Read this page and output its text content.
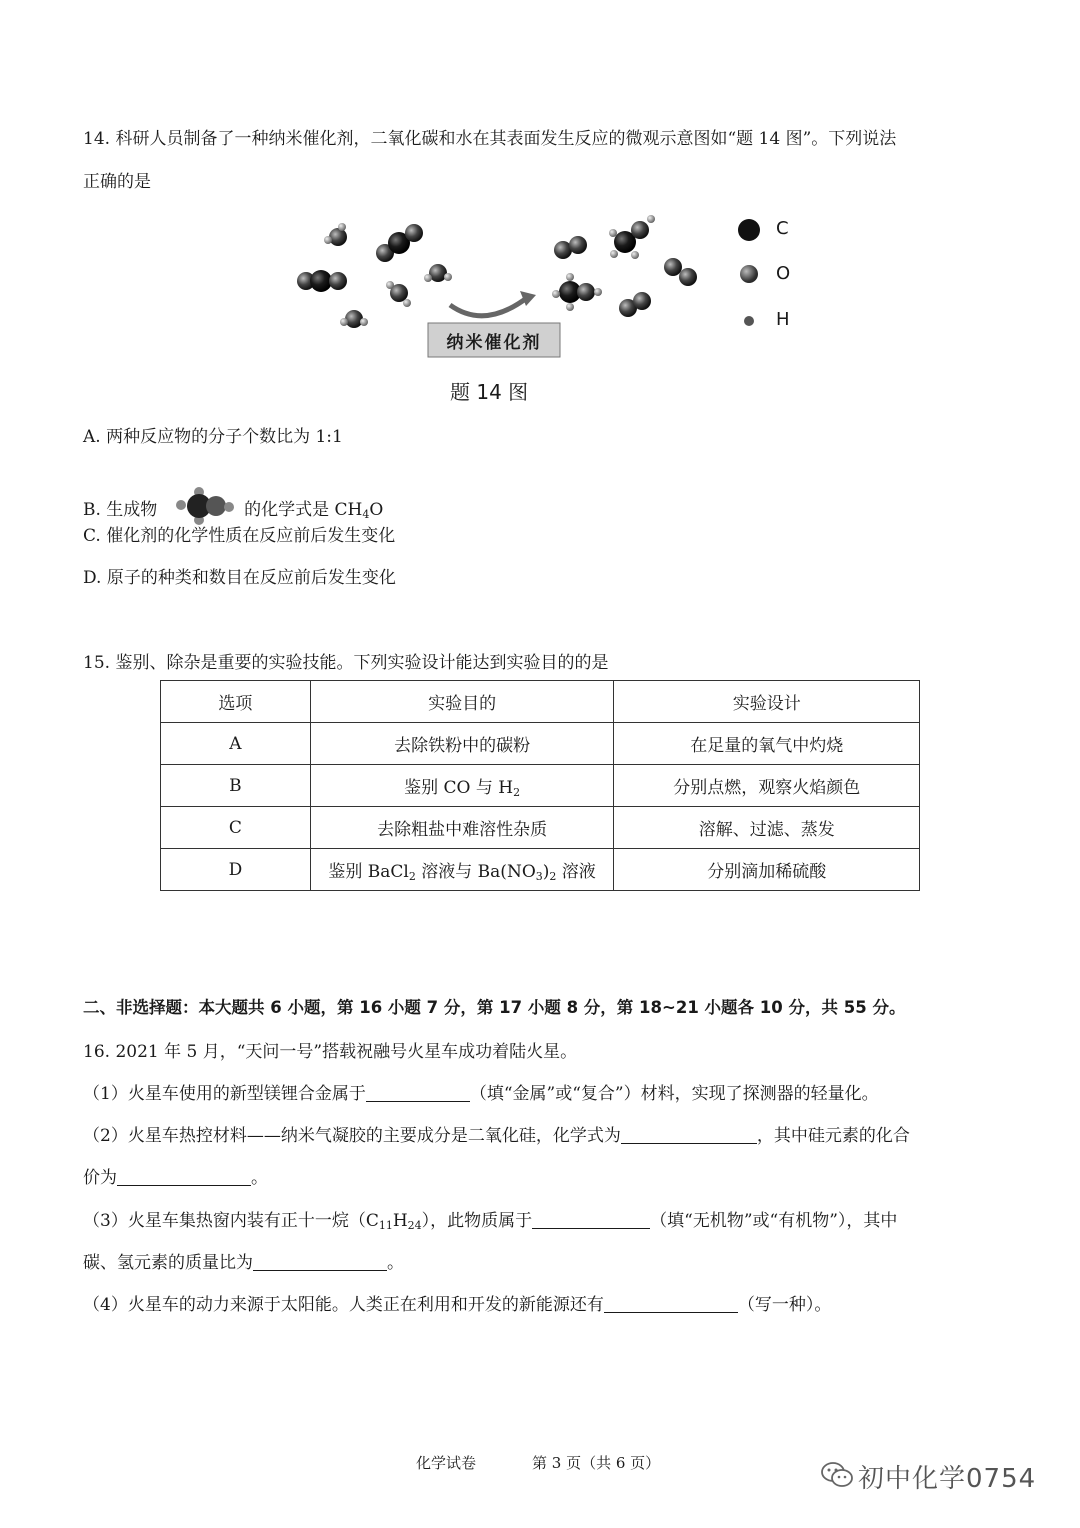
14. 科研人员制备了一种纳米催化剂，二氧化碳和水在其表面发生反应的微观示意图如“题 14 图”。下列说法
正确的是
纳米催化剂
题 14 图
C
O
H
A. 两种反应物的分子个数比为 1:1
B. 生成物	的化学式是 $CH_4O$
C. 催化剂的化学性质在反应前后发生变化
D. 原子的种类和数目在反应前后发生变化
15. 鉴别、除杂是重要的实验技能。下列实验设计能达到实验目的的是
选项	实验目的	实验设计
A	去除铁粉中的碳粉	在足量的氧气中灼烧
B	鉴别 CO 与 $H_2$	分别点燃，观察火焰颜色
C	去除粗盐中难溶性杂质	溶解、过滤、蒸发
D	鉴别 BaCl$_2$ 溶液与 $Ba(NO_3)_2$ 溶液	分别滴加稀硫酸
二、非选择题：本大题共 6 小题，第 16 小题 7 分，第 17 小题 8 分，第 18~21 小题各 10 分，共 55 分。
16. 2021 年 5 月，“天问一号”搭载祝融号火星车成功着陆火星。
（1）火星车使用的新型镁锂合金属于	（填“金属”或“复合”）材料，实现了探测器的轻量化。
（2）火星车热控材料——纳米气凝胶的主要成分是二氧化硅，化学式为	，其中硅元素的化合
价为	。
（3）火星车集热窗内装有正十一烷$(C_{11}H_{24})$，此物质属于	（填“无机物”或“有机物”），其中
碳、氢元素的质量比为	。
（4）火星车的动力来源于太阳能。人类正在利用和开发的新能源还有	（写一种）。
化学试卷	第 3 页（共 6 页）
初中化学0754
